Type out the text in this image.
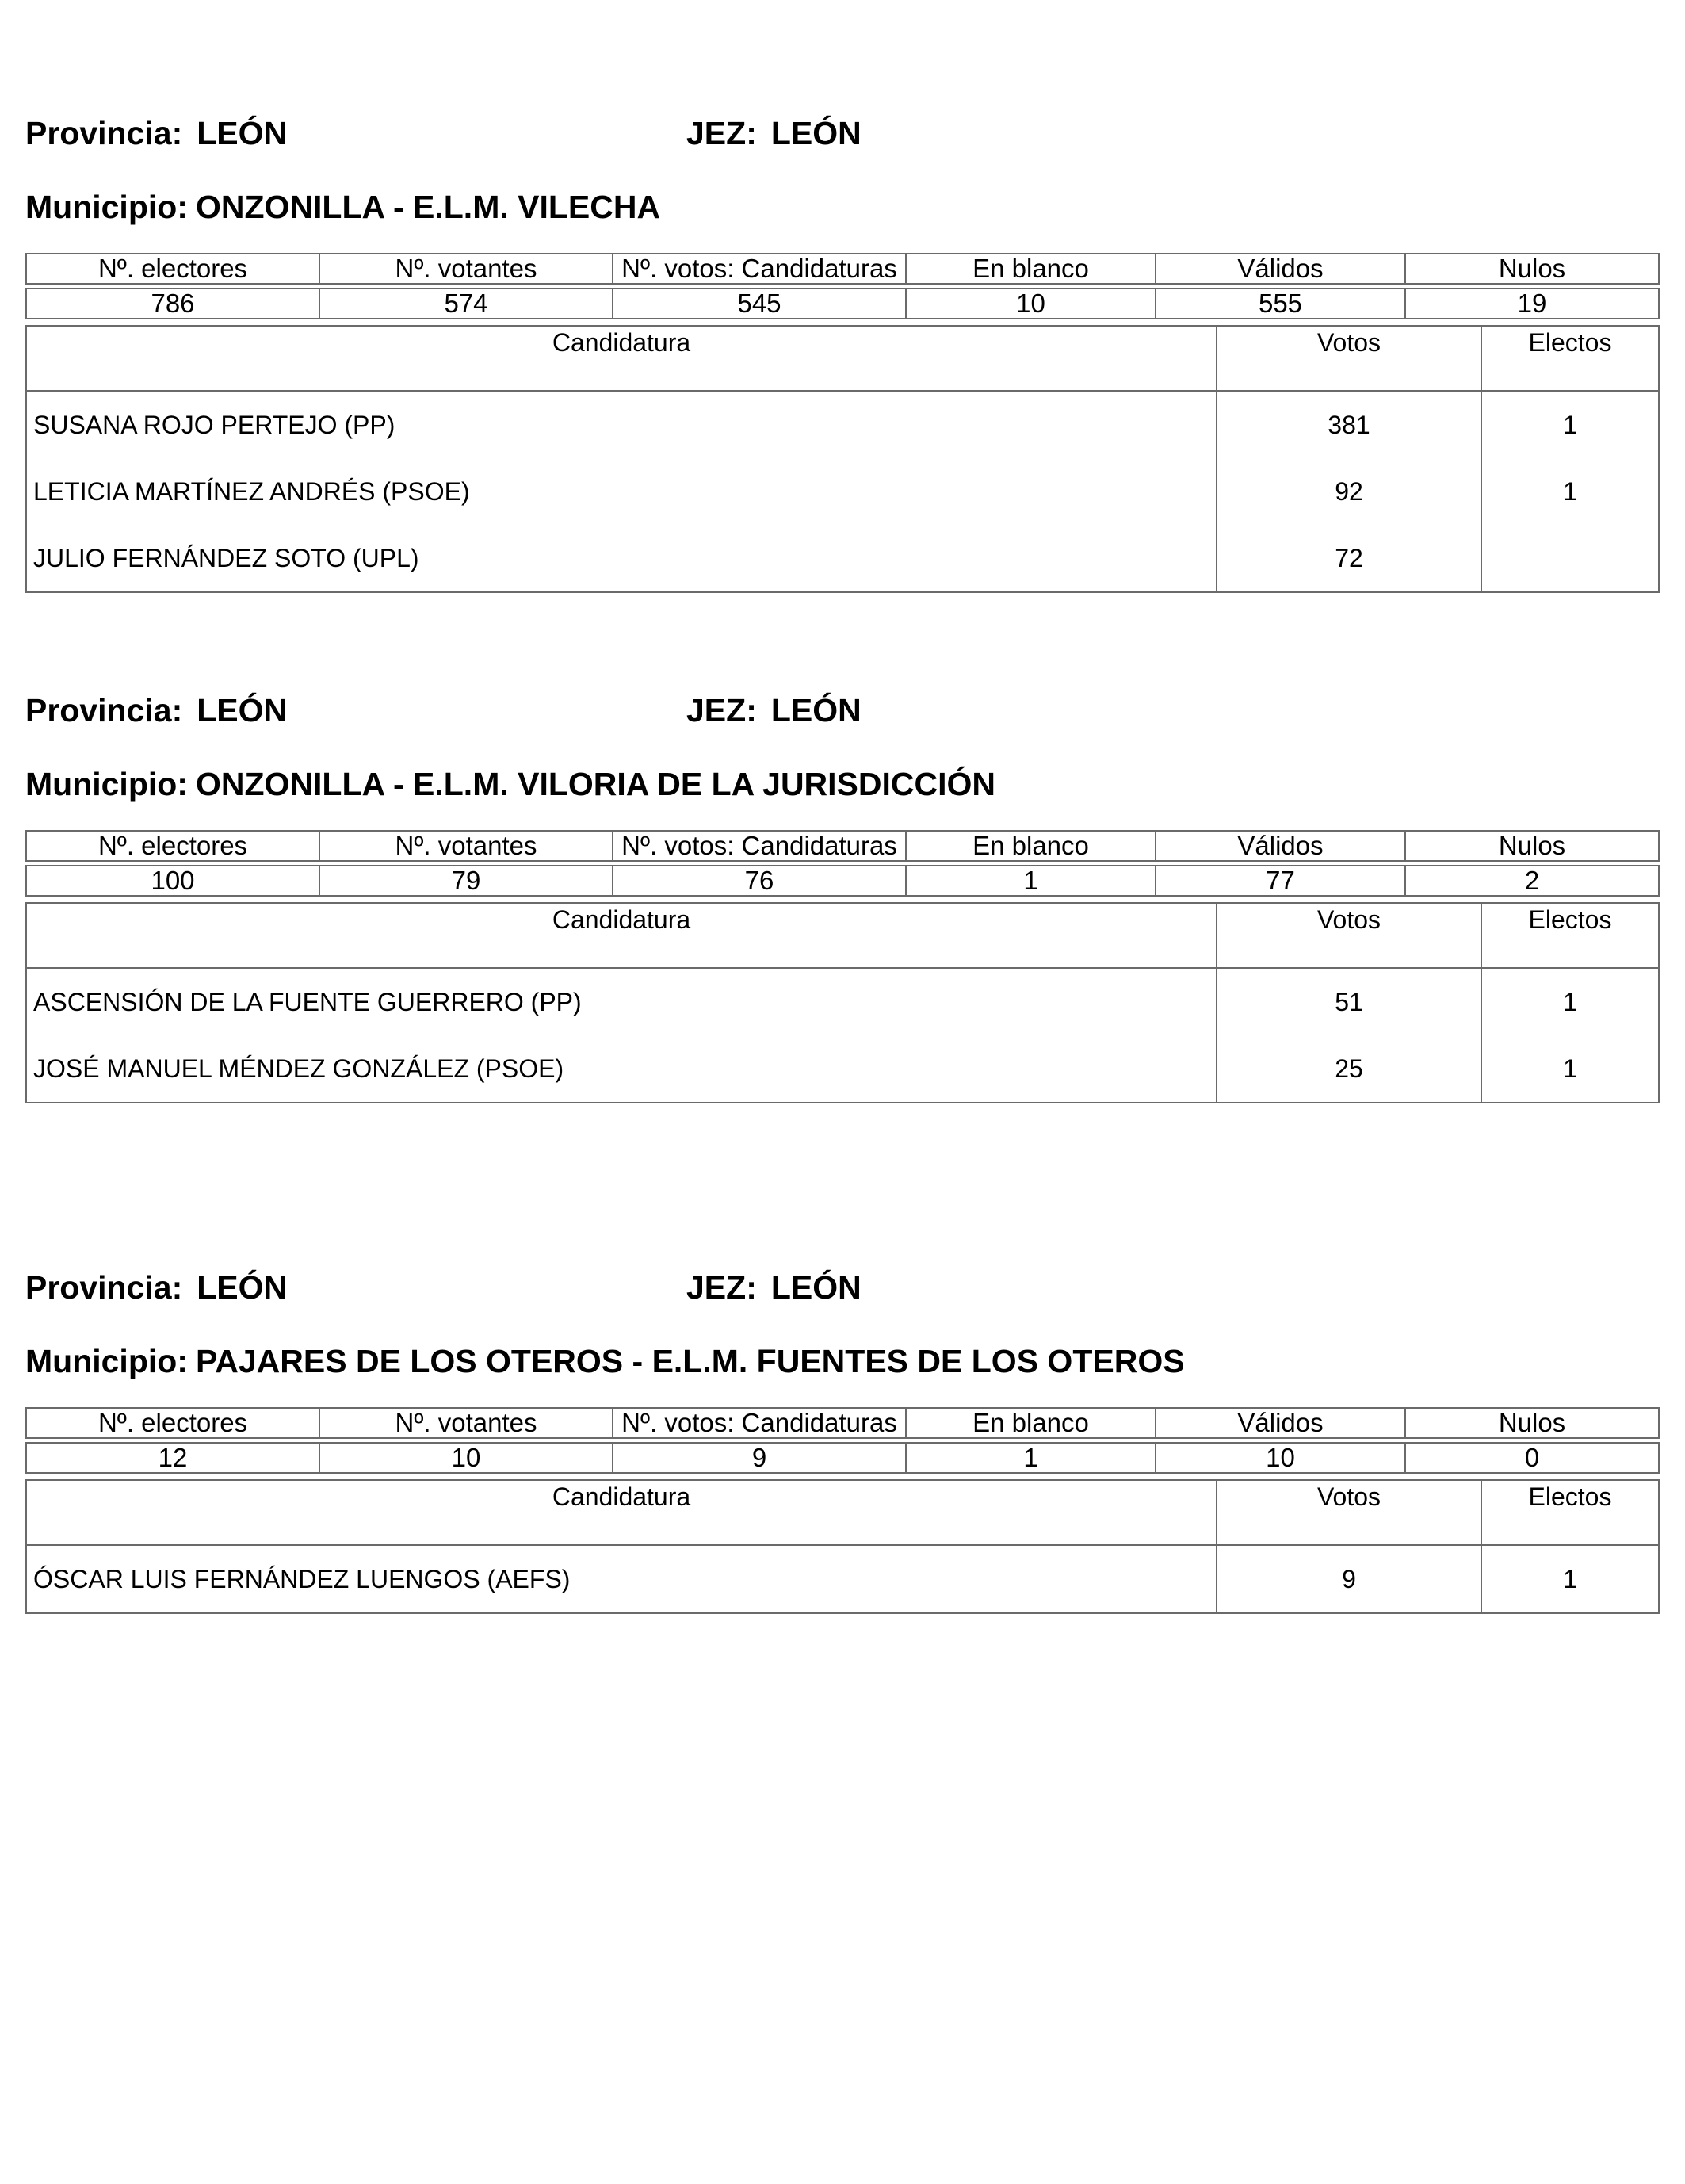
Provincia: LEÓN	JEZ: LEÓN
Municipio: ONZONILLA - E.L.M. VILECHA
Nº. electores	Nº. votantes	Nº. votos: Candidaturas	En blanco	Válidos	Nulos

786	574	545	10	555	19
Candidatura	Votos	Electos
SUSANA ROJO PERTEJO (PP)	381	1
LETICIA MARTÍNEZ ANDRÉS (PSOE)	92	1
JULIO FERNÁNDEZ SOTO (UPL)	72	
Provincia: LEÓN	JEZ: LEÓN
Municipio: ONZONILLA - E.L.M. VILORIA DE LA JURISDICCIÓN
Nº. electores	Nº. votantes	Nº. votos: Candidaturas	En blanco	Válidos	Nulos

100	79	76	1	77	2
Candidatura	Votos	Electos
ASCENSIÓN DE LA FUENTE GUERRERO (PP)	51	1
JOSÉ MANUEL MÉNDEZ GONZÁLEZ (PSOE)	25	1
Provincia: LEÓN	JEZ: LEÓN
Municipio: PAJARES DE LOS OTEROS - E.L.M. FUENTES DE LOS OTEROS
Nº. electores	Nº. votantes	Nº. votos: Candidaturas	En blanco	Válidos	Nulos

12	10	9	1	10	0
Candidatura	Votos	Electos
ÓSCAR LUIS FERNÁNDEZ LUENGOS (AEFS)	9	1
